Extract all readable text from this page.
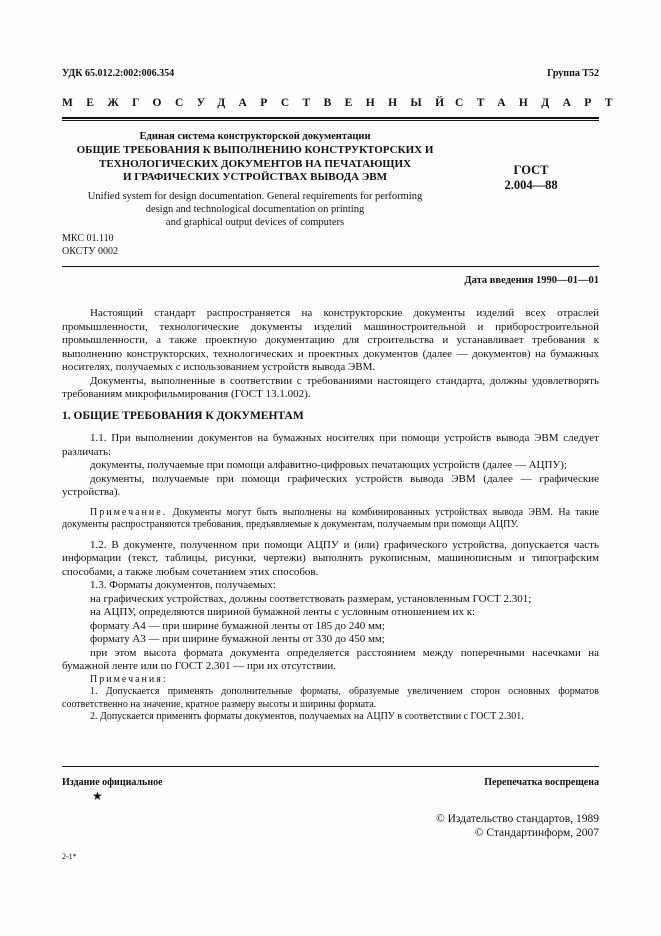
УДК 65.012.2:002:006.354	Группа Т52
МЕЖГОСУДАРСТВЕННЫЙ
СТАНДАРТ
Единая система конструкторской документации
ОБЩИЕ ТРЕБОВАНИЯ К ВЫПОЛНЕНИЮ КОНСТРУКТОРСКИХ И
ТЕХНОЛОГИЧЕСКИХ ДОКУМЕНТОВ НА ПЕЧАТАЮЩИХ
И ГРАФИЧЕСКИХ УСТРОЙСТВАХ ВЫВОДА ЭВМ
Unified system for design documentation. General requirements for performing
design and technological documentation on printing
and graphical output devices of computers
ГОСТ
2.004—88
МКС 01.110
ОКСТУ 0002
Дата введения 1990—01—01

Настоящий стандарт распространяется на конструкторские документы изделий всех отраслей промышленности, технологические документы изделий машиностроительной и приборостроительной промышленности, а также проектную документацию для строительства и устанавливает требования к выполнению конструкторских, технологических и проектных документов (далее — документов) на бумажных носителях, получаемых с использованием устройств вывода ЭВМ.

Документы, выполненные в соответствии с требованиями настоящего стандарта, должны удовлетворять требованиям микрофильмирования (ГОСТ 13.1.002).

1. ОБЩИЕ ТРЕБОВАНИЯ К ДОКУМЕНТАМ

1.1. При выполнении документов на бумажных носителях при помощи устройств вывода ЭВМ следует различать:

документы, получаемые при помощи алфавитно-цифровых печатающих устройств (далее — АЦПУ);

документы, получаемые при помощи графических устройств вывода ЭВМ (далее — графические устройства).

Примечание. Документы могут быть выполнены на комбинированных устройствах вывода ЭВМ. На такие документы распространяются требования, предъявляемые к документам, получаемым при помощи АЦПУ.

1.2. В документе, полученном при помощи АЦПУ и (или) графического устройства, допускается часть информации (текст, таблицы, рисунки, чертежи) выполнять рукописным, машинописным и типографским способами, а также любым сочетанием этих способов.

1.3. Форматы документов, получаемых:

на графических устройствах, должны соответствовать размерам, установленным ГОСТ 2.301;

на АЦПУ, определяются шириной бумажной ленты с условным отношением их к:

формату А4 — при ширине бумажной ленты от 185 до 240 мм;

формату А3 — при ширине бумажной ленты от 330 до 450 мм;

при этом высота формата документа определяется расстоянием между поперечными насечками на бумажной ленте или по ГОСТ 2.301 — при их отсутствии.

Примечания:

1. Допускается применять дополнительные форматы, образуемые увеличением сторон основных форматов соответственно на значение, кратное размеру высоты и ширины формата.

2. Допускается применять форматы документов, получаемых на АЦПУ в соответствии с ГОСТ 2.301.

Издание официальное
★
Перепечатка воспрещена
© Издательство стандартов, 1989
© Стандартинформ, 2007
2-1*
